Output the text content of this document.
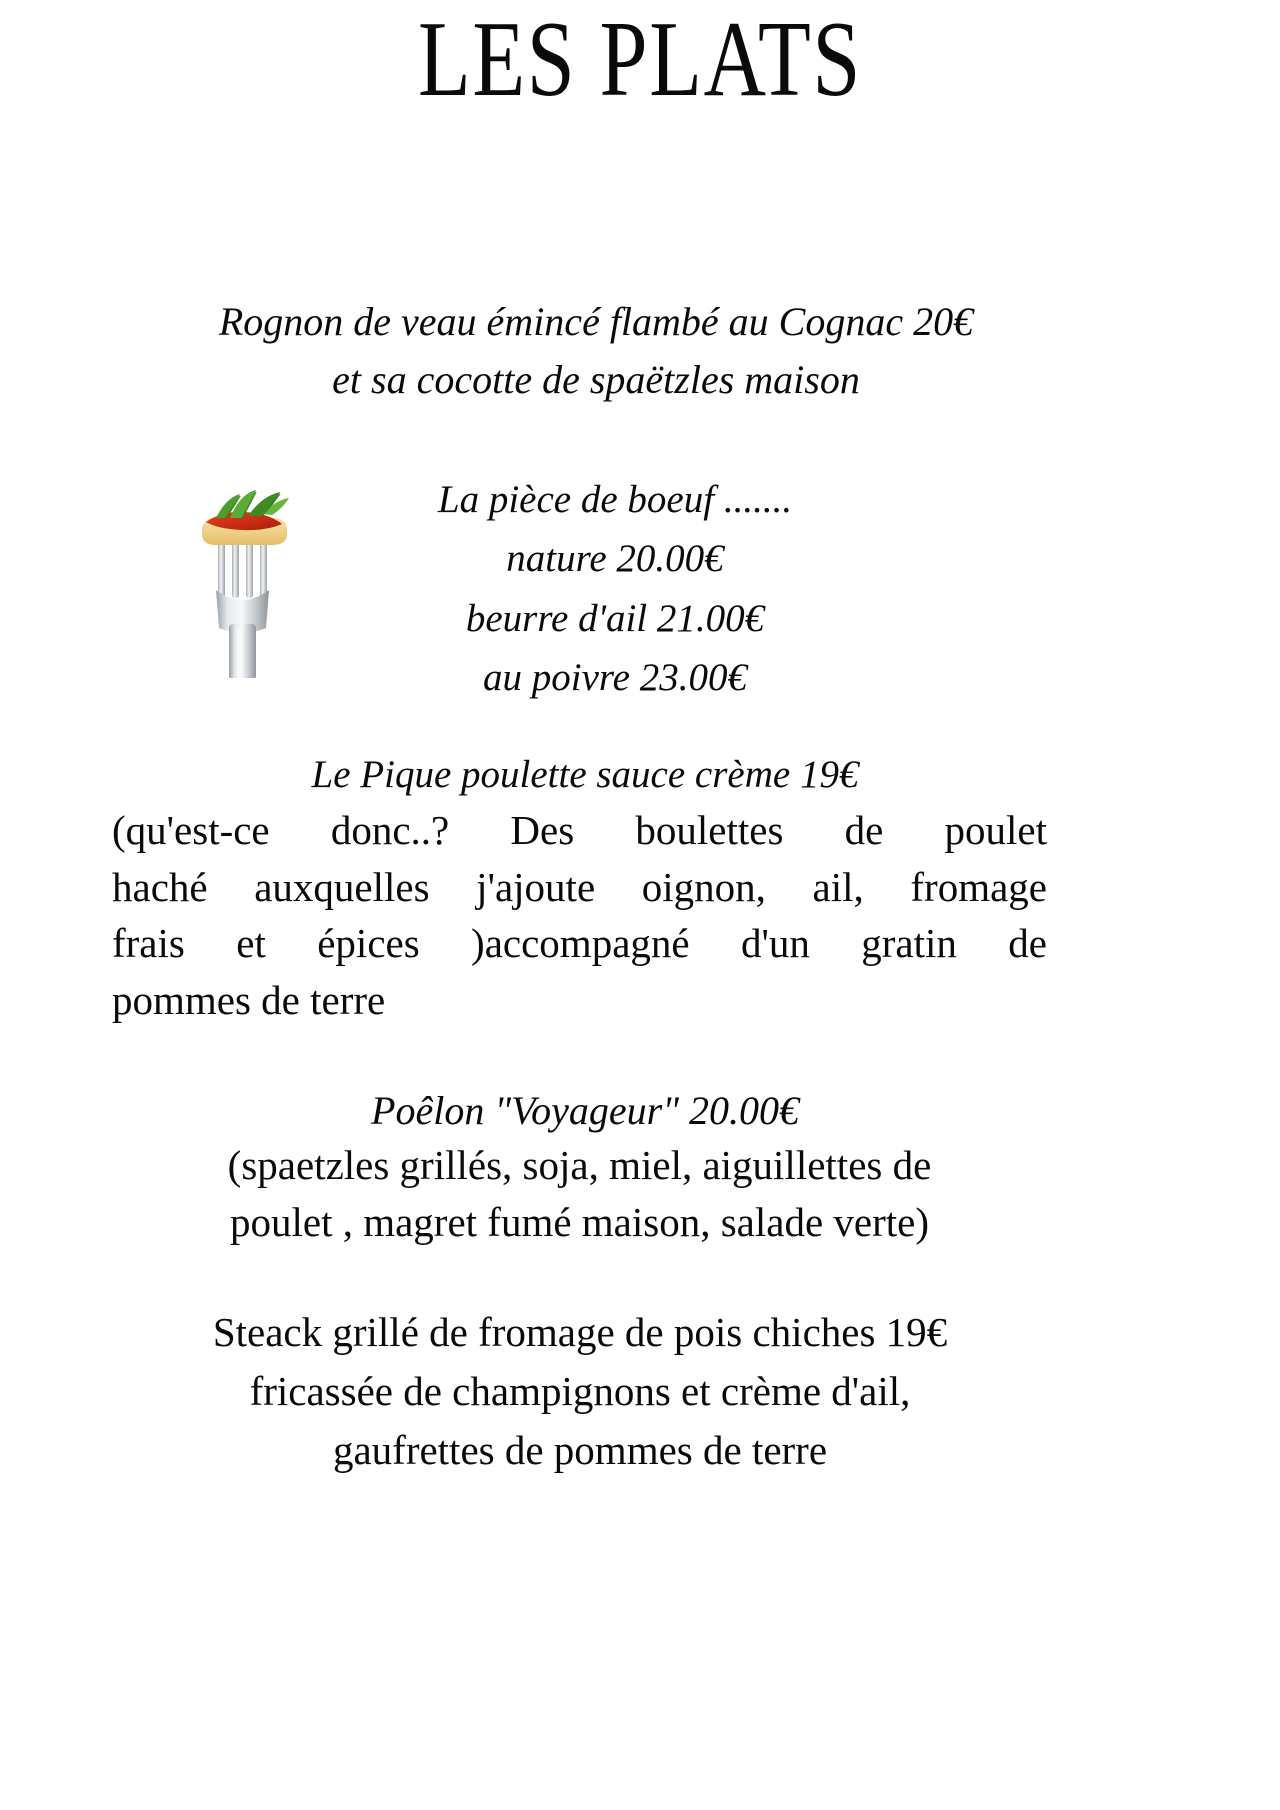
LES PLATS
Rognon de veau émincé flambé au Cognac 20€
et sa cocotte de spaëtzles maison
La pièce de boeuf .......
nature 20.00€
beurre d'ail 21.00€
au poivre 23.00€
Le Pique poulette sauce crème 19€
(qu'est-ce donc..? Des boulettes de poulet
haché auxquelles j'ajoute oignon, ail, fromage
frais et épices )accompagné d'un gratin de
pommes de terre
Poêlon "Voyageur" 20.00€
(spaetzles grillés, soja, miel, aiguillettes de
poulet , magret fumé maison, salade verte)
Steack grillé de fromage de pois chiches 19€
fricassée de champignons et crème d'ail,
gaufrettes de pommes de terre
